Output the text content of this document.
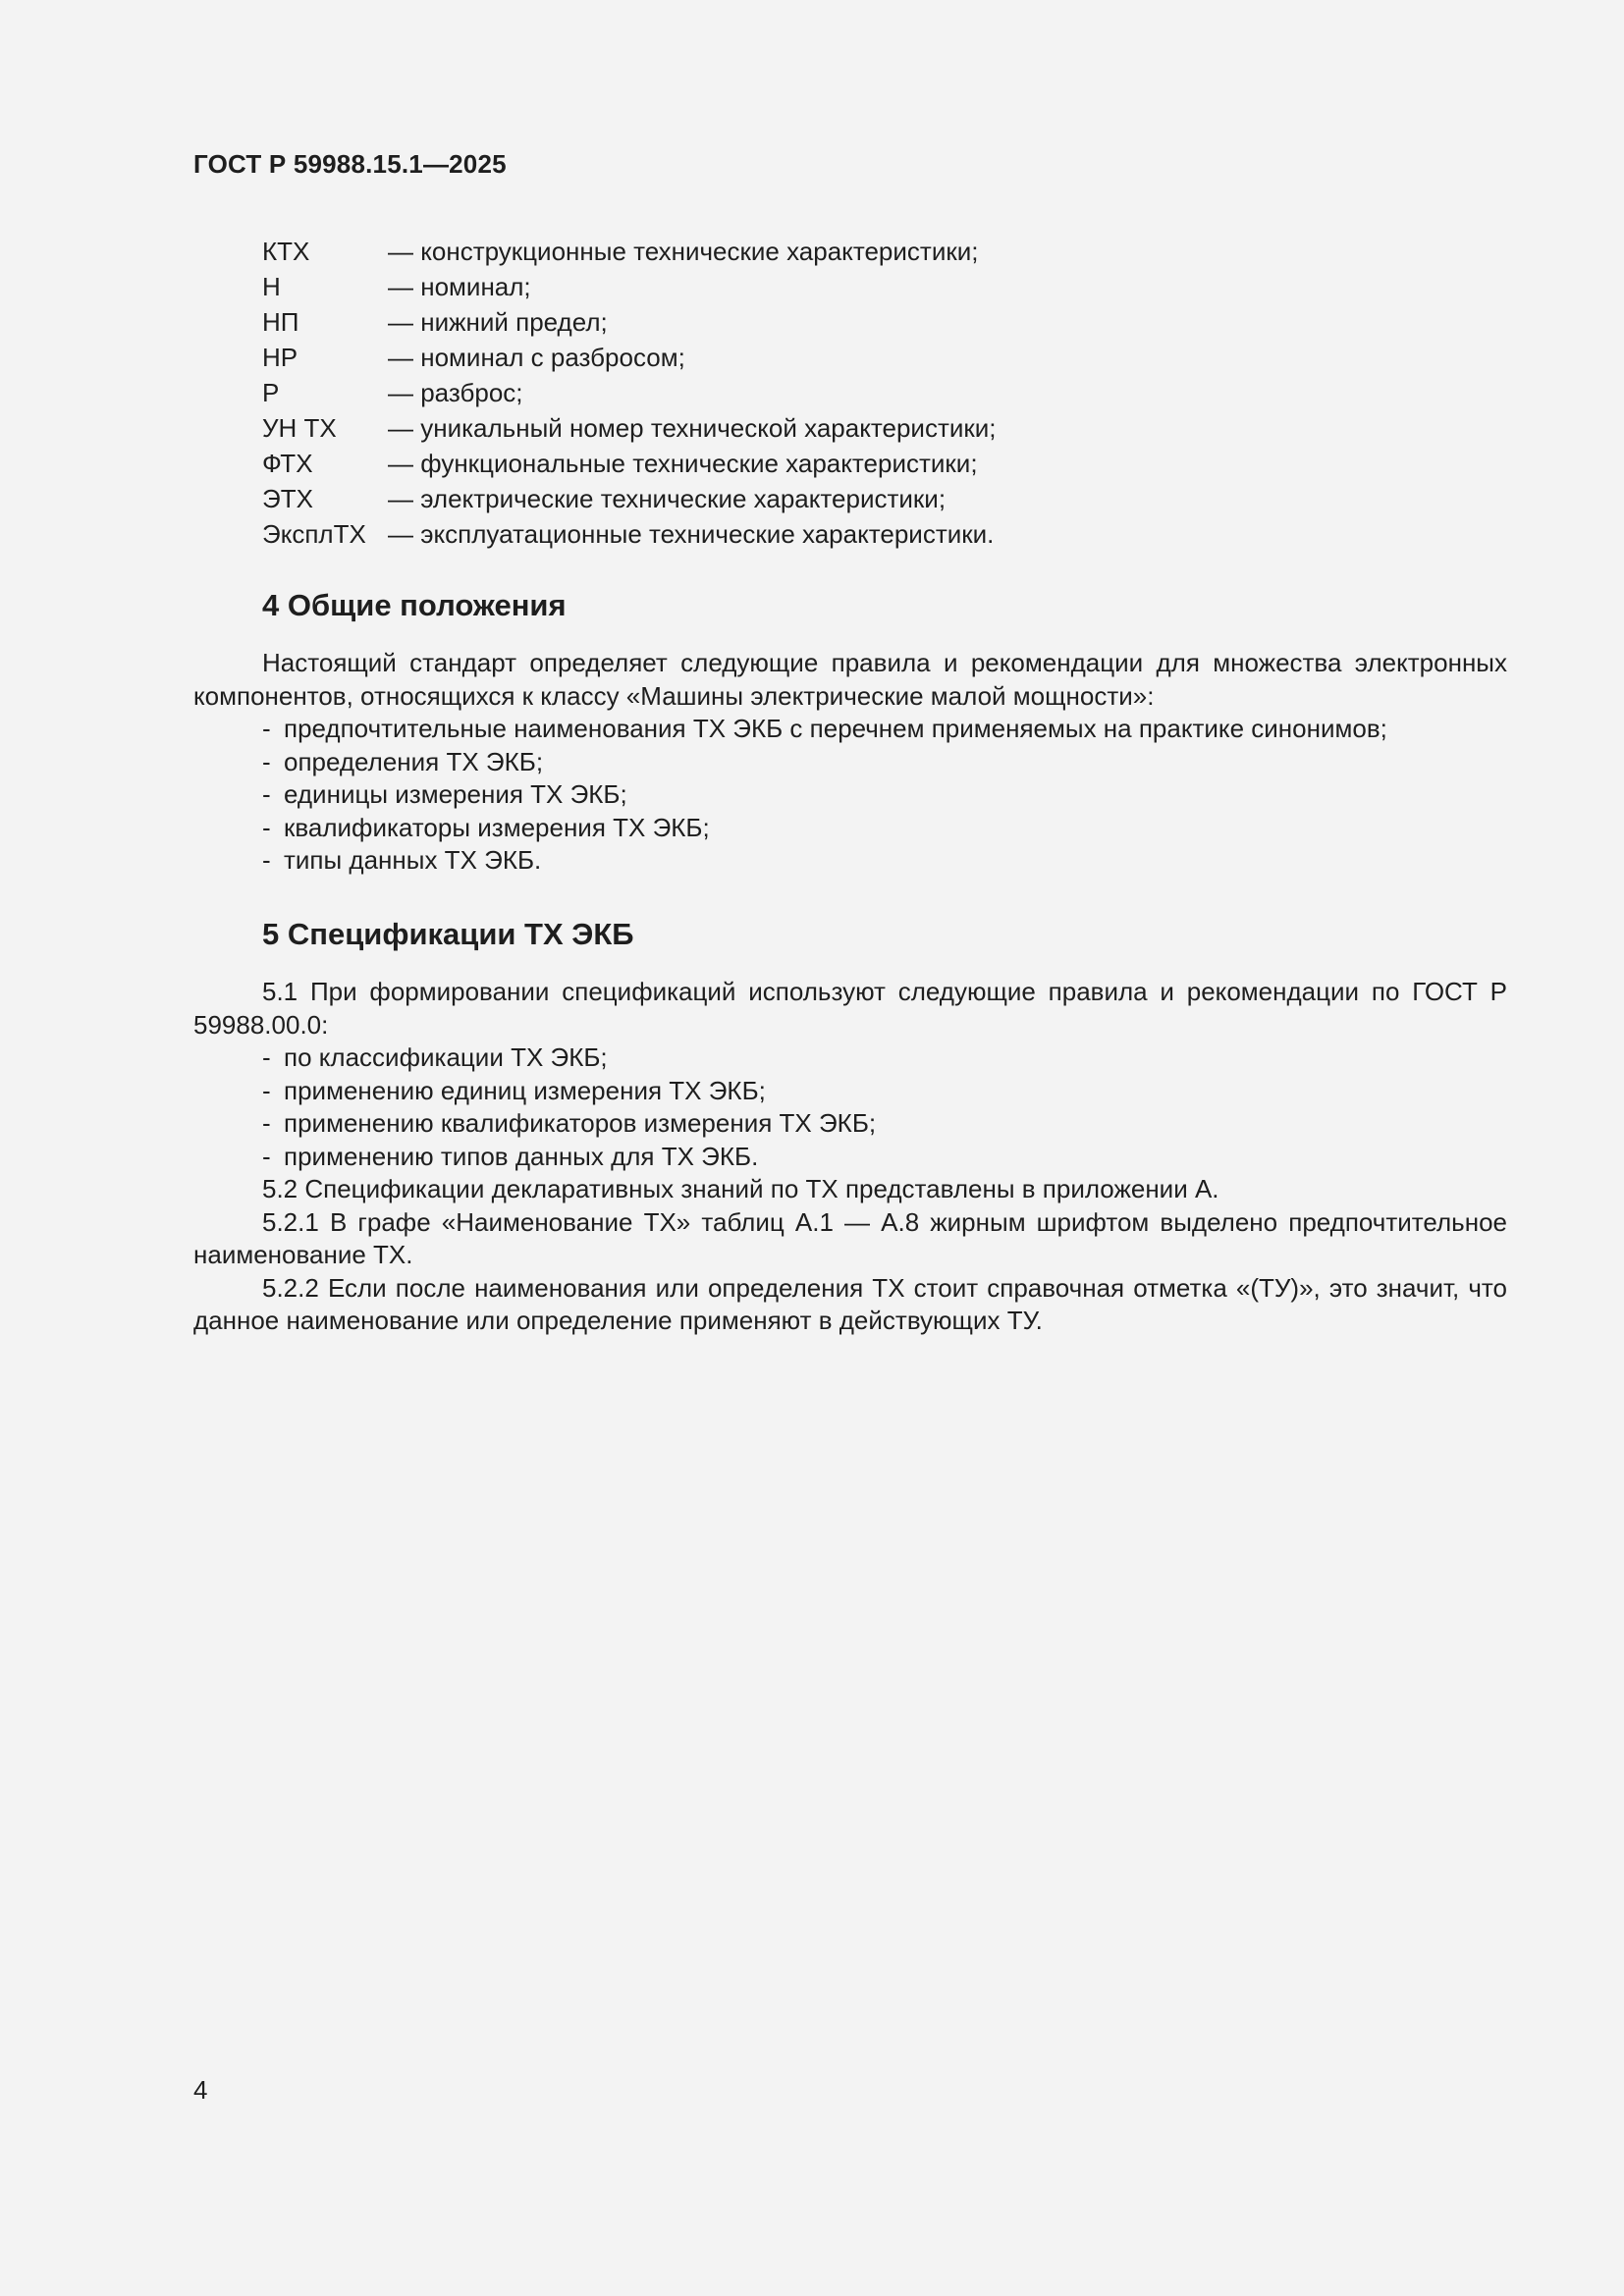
ГОСТ Р 59988.15.1—2025
КТХ	— конструкционные технические характеристики;
Н	— номинал;
НП	— нижний предел;
НР	— номинал с разбросом;
Р	— разброс;
УН ТХ	— уникальный номер технической характеристики;
ФТХ	— функциональные технические характеристики;
ЭТХ	— электрические технические характеристики;
ЭксплТХ — эксплуатационные технические характеристики.
4 Общие положения
Настоящий стандарт определяет следующие правила и рекомендации для множества электронных компонентов, относящихся к классу «Машины электрические малой мощности»:
- предпочтительные наименования ТХ ЭКБ с перечнем применяемых на практике синонимов;
- определения ТХ ЭКБ;
- единицы измерения ТХ ЭКБ;
- квалификаторы измерения ТХ ЭКБ;
- типы данных ТХ ЭКБ.
5 Спецификации ТХ ЭКБ
5.1 При формировании спецификаций используют следующие правила и рекомендации по ГОСТ Р 59988.00.0:
- по классификации ТХ ЭКБ;
- применению единиц измерения ТХ ЭКБ;
- применению квалификаторов измерения ТХ ЭКБ;
- применению типов данных для ТХ ЭКБ.
5.2 Спецификации декларативных знаний по ТХ представлены в приложении А.
5.2.1 В графе «Наименование ТХ» таблиц А.1 — А.8 жирным шрифтом выделено предпочтительное наименование ТХ.
5.2.2 Если после наименования или определения ТХ стоит справочная отметка «(ТУ)», это значит, что данное наименование или определение применяют в действующих ТУ.
4
